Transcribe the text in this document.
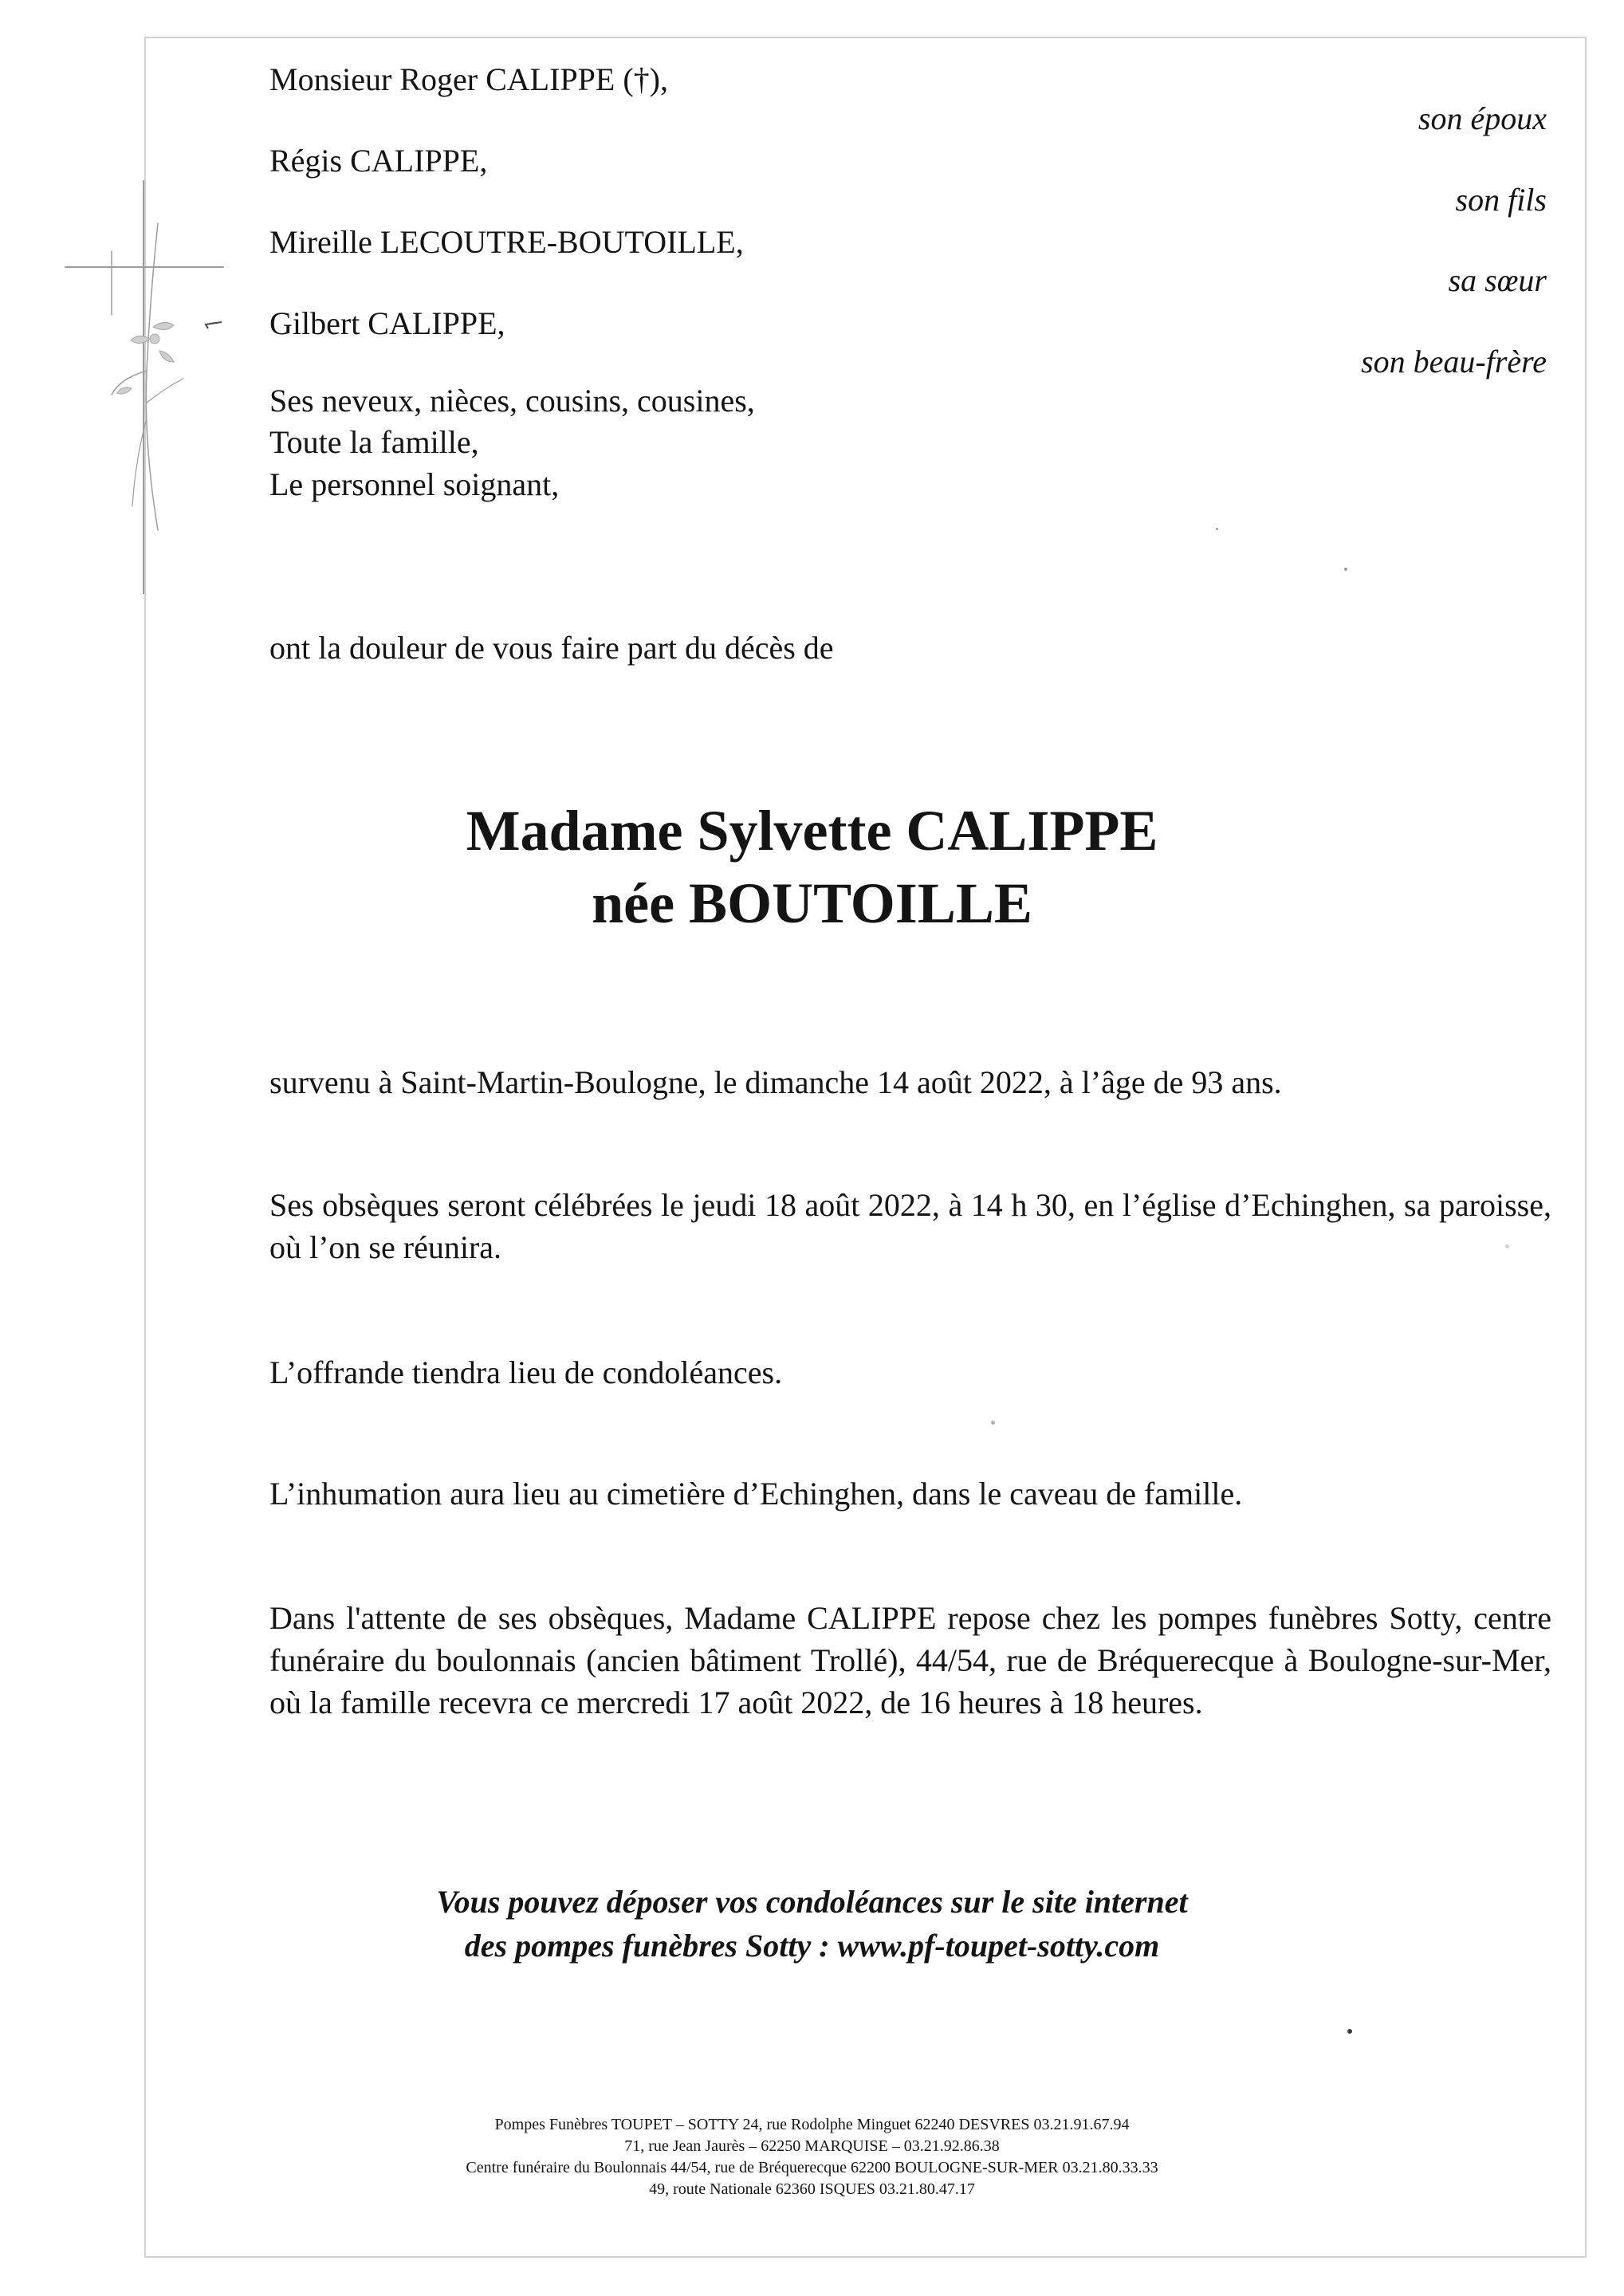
Monsieur Roger CALIPPE (†),
Régis CALIPPE,
Mireille LECOUTRE-BOUTOILLE,
Gilbert CALIPPE,
Ses neveux, nièces, cousins, cousines,
Toute la famille,
Le personnel soignant,
son époux
son fils
sa sœur
son beau-frère
ont la douleur de vous faire part du décès de
Madame Sylvette CALIPPE
née BOUTOILLE
survenu à Saint-Martin-Boulogne, le dimanche 14 août 2022, à l’âge de 93 ans.
Ses obsèques seront célébrées le jeudi 18 août 2022, à 14 h 30, en l’église d’Echinghen, sa paroisse, où l’on se réunira.
L’offrande tiendra lieu de condoléances.
L’inhumation aura lieu au cimetière d’Echinghen, dans le caveau de famille.
Dans l'attente de ses obsèques, Madame CALIPPE repose chez les pompes funèbres Sotty, centre funéraire du boulonnais (ancien bâtiment Trollé), 44/54, rue de Bréquerecque à Boulogne-sur-Mer, où la famille recevra ce mercredi 17 août 2022, de 16 heures à 18 heures.
Vous pouvez déposer vos condoléances sur le site internet
des pompes funèbres Sotty : www.pf-toupet-sotty.com
Pompes Funèbres TOUPET – SOTTY 24, rue Rodolphe Minguet 62240 DESVRES 03.21.91.67.94
71, rue Jean Jaurès – 62250 MARQUISE – 03.21.92.86.38
Centre funéraire du Boulonnais 44/54, rue de Bréquerecque 62200 BOULOGNE-SUR-MER 03.21.80.33.33
49, route Nationale 62360 ISQUES 03.21.80.47.17
